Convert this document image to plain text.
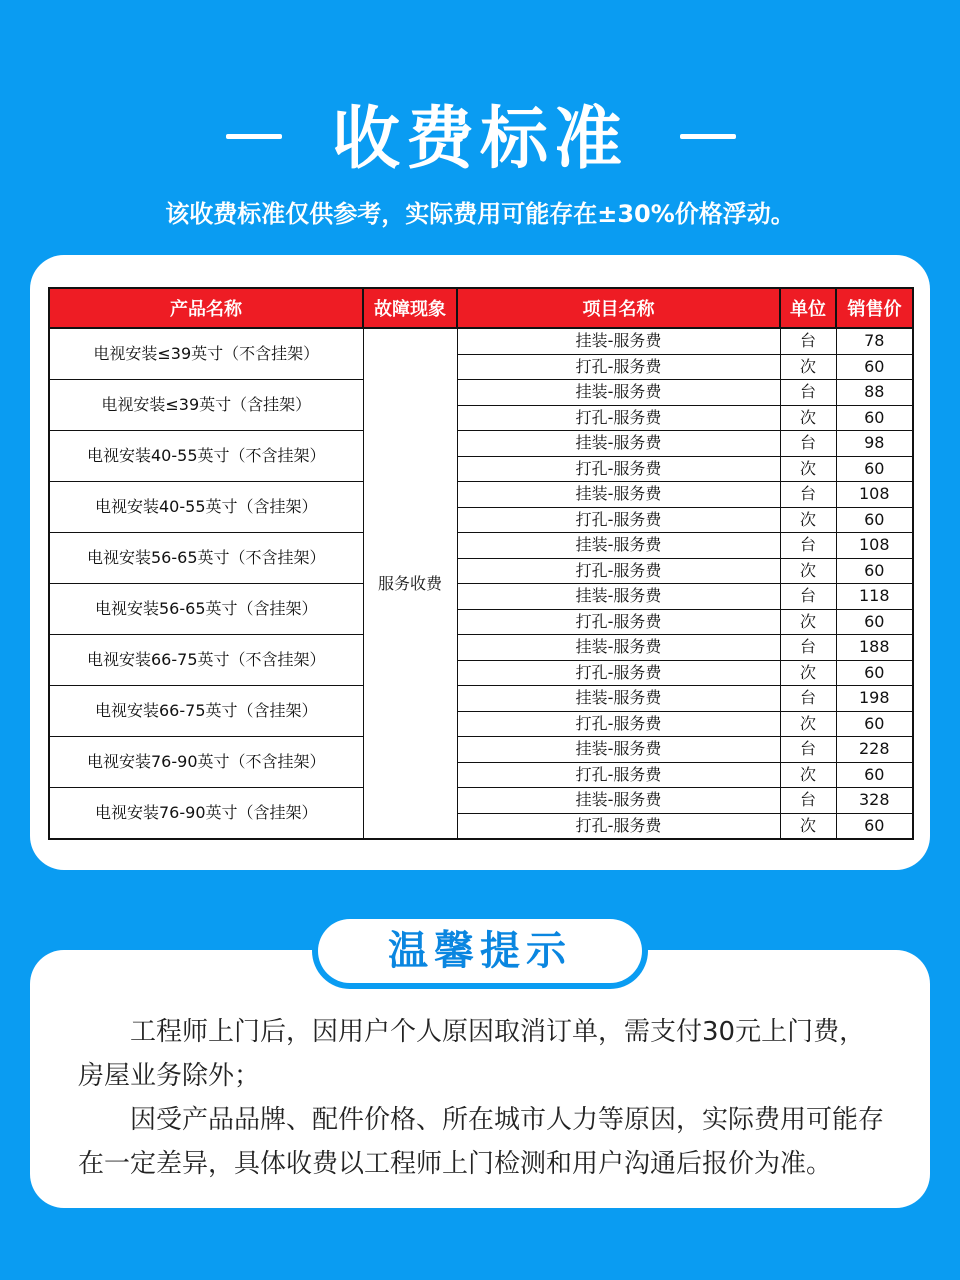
收费标准
该收费标准仅供参考，实际费用可能存在±30%价格浮动。
产品名称	故障现象	项目名称	单位	销售价
电视安装≤39英寸（不含挂架）	服务收费	挂装-服务费	台	78
		打孔-服务费	次	60
电视安装≤39英寸（含挂架）		挂装-服务费	台	88
		打孔-服务费	次	60
电视安装40-55英寸（不含挂架）		挂装-服务费	台	98
		打孔-服务费	次	60
电视安装40-55英寸（含挂架）		挂装-服务费	台	108
		打孔-服务费	次	60
电视安装56-65英寸（不含挂架）		挂装-服务费	台	108
		打孔-服务费	次	60
电视安装56-65英寸（含挂架）		挂装-服务费	台	118
		打孔-服务费	次	60
电视安装66-75英寸（不含挂架）		挂装-服务费	台	188
		打孔-服务费	次	60
电视安装66-75英寸（含挂架）		挂装-服务费	台	198
		打孔-服务费	次	60
电视安装76-90英寸（不含挂架）		挂装-服务费	台	228
		打孔-服务费	次	60
电视安装76-90英寸（含挂架）		挂装-服务费	台	328
		打孔-服务费	次	60

工程师上门后，因用户个人原因取消订单，需支付30元上门费，房屋业务除外；

因受产品品牌、配件价格、所在城市人力等原因，实际费用可能存在一定差异，具体收费以工程师上门检测和用户沟通后报价为准。

温馨提示
